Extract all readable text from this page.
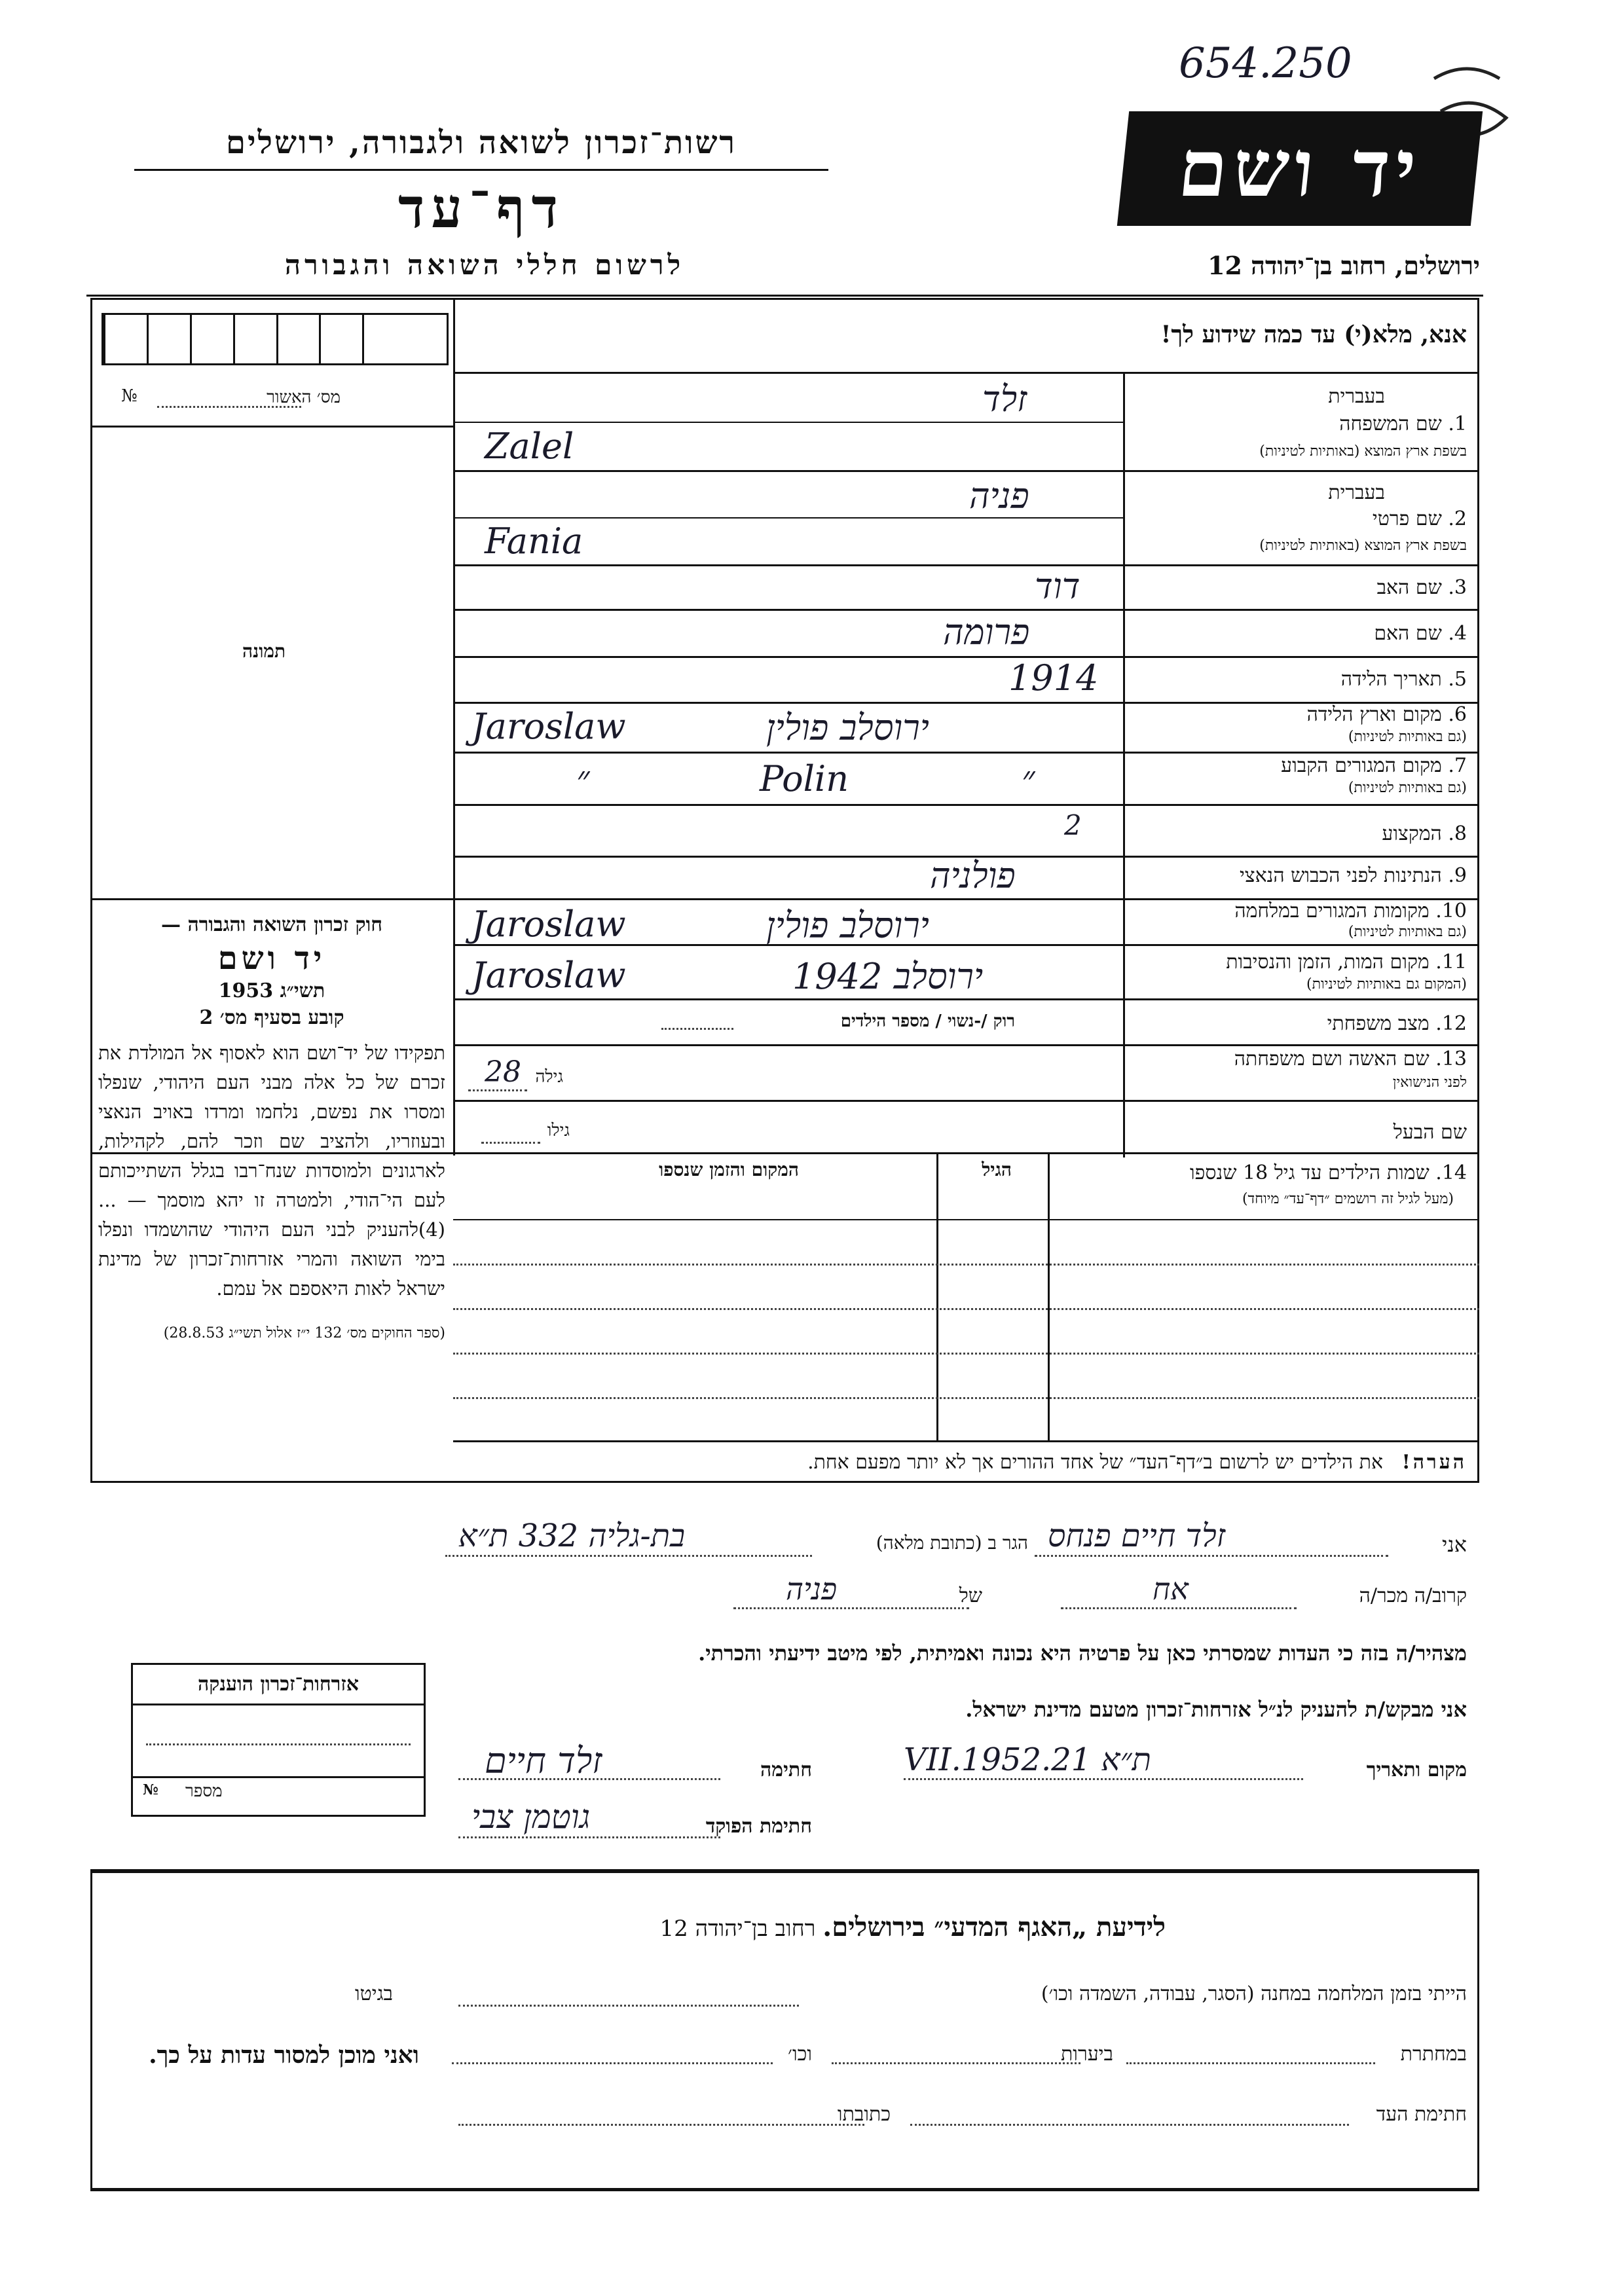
654.250
רשות־זכרון לשואה ולגבורה, ירושלים
דף־עד
לרשום חללי השואה והגבורה
יד ושם
ירושלים, רחוב בן־יהודה 12
אנא, מלא(י) עד כמה שידוע לך!
מס׳ האשור
№
תמונה
חוק זכרון השואה והגבורה —
יד ושם
תשי״ג 1953
קובע בסעיף מס׳ 2
תפקידו של יד־ושם הוא לאסוף אל המולדת את זכרם של כל אלה מבני העם היהודי, שנפלו ומסרו את נפשם, נלחמו ומרדו באויב הנאצי ובעוזריו, ולהציב שם וזכר להם, לקהילות, לארגונים ולמוסדות שנח־רבו בגלל השתייכותם לעם הי־הודי, ולמטרה זו יהא מוסמך — ...(4)להעניק לבני העם היהודי שהושמדו ונפלו בימי השואה והמרי אזרחות־זכרון של מדינת ישראל לאות היאספם אל עמם.
(ספר החוקים מס׳ 132 י״ז אלול תשי״ג 28.8.53)
בעברית
1. שם המשפחה
בשפת ארץ המוצא (באותיות לטיניות)
זלד
Zalel
בעברית
2. שם פרטי
בשפת ארץ המוצא (באותיות לטיניות)
פניה
Fania
3. שם האב
דוד
4. שם האם
פרומה
5. תאריך הלידה
1914
6. מקום וארץ הלידה
(גם באותיות לטיניות)
ירוסלב פולין
Jaroslaw
7. מקום המגורים הקבוע
(גם באותיות לטיניות)
״	Polin	״
8. המקצוע
2
9. הנתינות לפני הכבוש הנאצי
פולניה
10. מקומות המגורים במלחמה
(גם באותיות לטיניות)
ירוסלב פולין
Jaroslaw
11. מקום המות, הזמן והנסיבות
(המקום גם באותיות לטיניות)
ירוסלב 1942
Jaroslaw
12. מצב משפחתי
רוק /-נשוי / מספר הילדים
13. שם האשה ושם משפחתה
לפני הנישואין
גילה
28
שם הבעל
גילו
14. שמות הילדים עד גיל 18 שנספו
(מעל לגיל זה רושמים ״דף־עד״ מיוחד)
הגיל
המקום והזמן שנספו
הערה!   את הילדים יש לרשום ב״דף־העד״ של אחד ההורים אך לא יותר מפעם אחת.
אני
זלד חיים פנחס
הגר ב (כתובת מלאה)
בת-גליה 332 ת״א
קרוב/ה מכר/ה
אח
של
פניה
מצהיר/ה בזה כי העדות שמסרתי כאן על פרטיה היא נכונה ואמיתית, לפי מיטב ידיעתי והכרתי.
אני מבקש/ת להעניק לנ״ל אזרחות־זכרון מטעם מדינת ישראל.
מקום ותאריך
ת״א 21.VII.1952
חתימה
זלד חיים
חתימת הפוקד
גוטמן צבי
אזרחות־זכרון הוענקה
מספר
№
לידיעת „האגף המדעי״ בירושלים. רחוב בן־יהודה 12
הייתי בזמן המלחמה במחנה (הסגר, עבודה, השמדה וכו׳)
בגיטו
במחתרת
ביערות
וכו׳
ואני מוכן למסור עדות על כך.
חתימת העד
כתובתו
